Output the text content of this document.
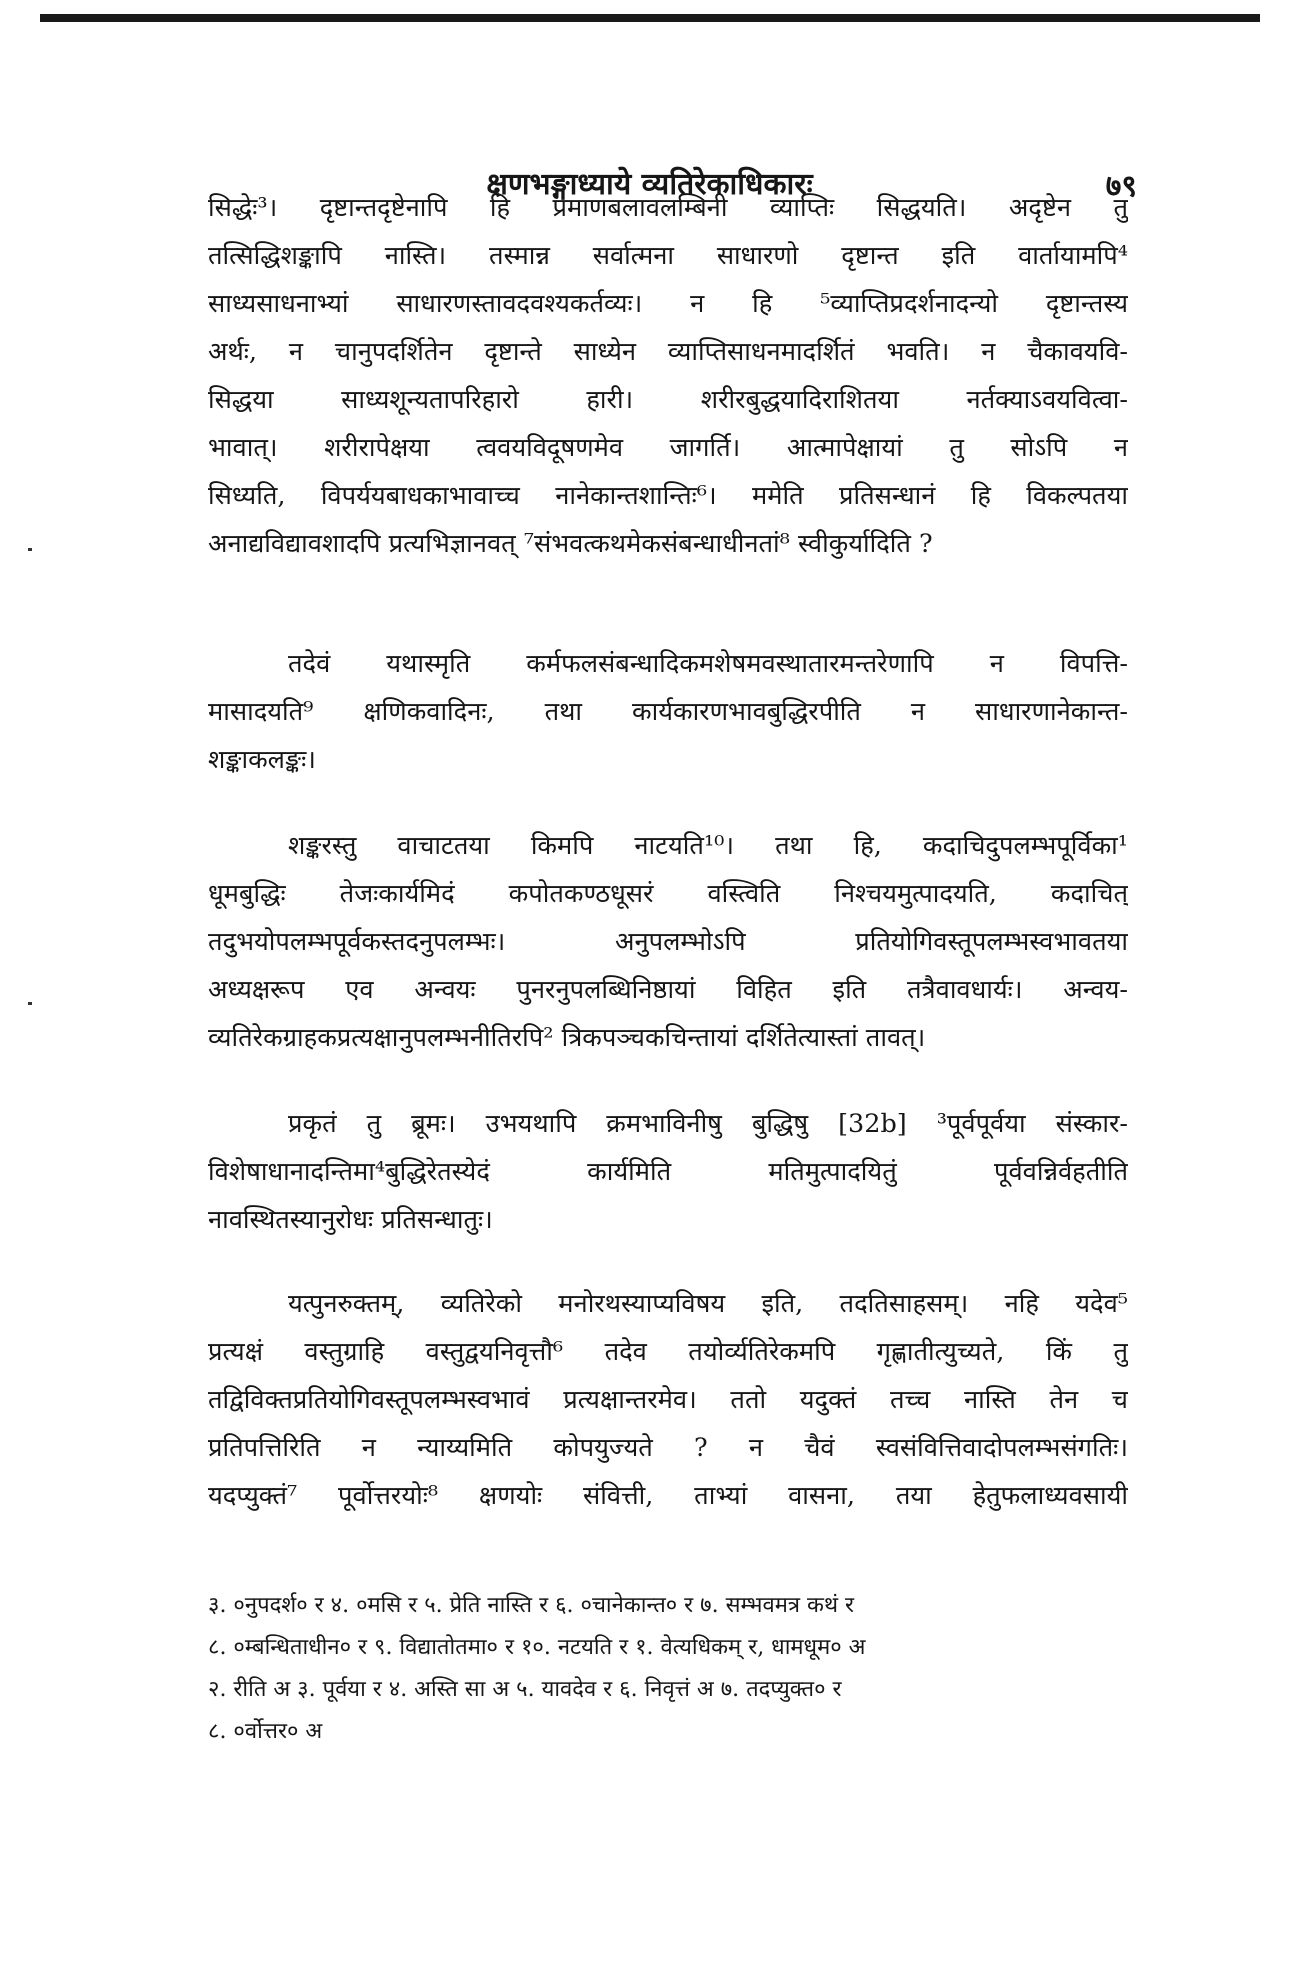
क्षणभङ्गाध्याये व्यतिरेकाधिकारः	७९
सिद्धेः³। दृष्टान्तदृष्टेनापि हि प्रमाणबलावलम्बिनी व्याप्तिः सिद्धयति। अदृष्टेन तु
तत्सिद्धिशङ्कापि नास्ति। तस्मान्न सर्वात्मना साधारणो दृष्टान्त इति वार्तायामपि⁴
साध्यसाधनाभ्यां साधारणस्तावदवश्यकर्तव्यः। न हि ⁵व्याप्तिप्रदर्शनादन्यो दृष्टान्तस्य
अर्थः, न चानुपदर्शितेन दृष्टान्ते साध्येन व्याप्तिसाधनमादर्शितं भवति। न चैकावयवि-
सिद्धया साध्यशून्यतापरिहारो हारी। शरीरबुद्धयादिराशितया नर्तक्याऽवयवित्वा-
भावात्। शरीरापेक्षया त्ववयविदूषणमेव जागर्ति। आत्मापेक्षायां तु सोऽपि न
सिध्यति, विपर्ययबाधकाभावाच्च नानेकान्तशान्तिः⁶। ममेति प्रतिसन्धानं हि विकल्पतया
अनाद्यविद्यावशादपि प्रत्यभिज्ञानवत् ⁷संभवत्कथमेकसंबन्धाधीनतां⁸ स्वीकुर्यादिति ?
तदेवं यथास्मृति कर्मफलसंबन्धादिकमशेषमवस्थातारमन्तरेणापि न विपत्ति-
मासादयति⁹ क्षणिकवादिनः, तथा कार्यकारणभावबुद्धिरपीति न साधारणानेकान्त-
शङ्काकलङ्कः।
शङ्करस्तु वाचाटतया किमपि नाटयति¹⁰। तथा हि, कदाचिदुपलम्भपूर्विका¹
धूमबुद्धिः तेजःकार्यमिदं कपोतकण्ठधूसरं वस्त्विति निश्चयमुत्पादयति, कदाचित्
तदुभयोपलम्भपूर्वकस्तदनुपलम्भः। अनुपलम्भोऽपि प्रतियोगिवस्तूपलम्भस्वभावतया
अध्यक्षरूप एव अन्वयः पुनरनुपलब्धिनिष्ठायां विहित इति तत्रैवावधार्यः। अन्वय-
व्यतिरेकग्राहकप्रत्यक्षानुपलम्भनीतिरपि² त्रिकपञ्चकचिन्तायां दर्शितेत्यास्तां तावत्।
प्रकृतं तु ब्रूमः। उभयथापि क्रमभाविनीषु बुद्धिषु [32b] ³पूर्वपूर्वया संस्कार-
विशेषाधानादन्तिमा⁴बुद्धिरेतस्येदं कार्यमिति मतिमुत्पादयितुं पूर्ववन्निर्वहतीति
नावस्थितस्यानुरोधः प्रतिसन्धातुः।
यत्पुनरुक्तम्, व्यतिरेको मनोरथस्याप्यविषय इति, तदतिसाहसम्। नहि यदेव⁵
प्रत्यक्षं वस्तुग्राहि वस्तुद्वयनिवृत्तौ⁶ तदेव तयोर्व्यतिरेकमपि गृह्णातीत्युच्यते, किं तु
तद्विविक्तप्रतियोगिवस्तूपलम्भस्वभावं प्रत्यक्षान्तरमेव। ततो यदुक्तं तच्च नास्ति तेन च
प्रतिपत्तिरिति न न्याय्यमिति कोपयुज्यते ? न चैवं स्वसंवित्तिवादोपलम्भसंगतिः।
यदप्युक्तं⁷ पूर्वोत्तरयोः⁸ क्षणयोः संवित्ती, ताभ्यां वासना, तया हेतुफलाध्यवसायी
३. ०नुपदर्श० र ४. ०मसि र ५. प्रेति नास्ति र ६. ०चानेकान्त० र ७. सम्भवमत्र कथं र
८. ०म्बन्धिताधीन० र ९. विद्यातोतमा० र १०. नटयति र १. वेत्यधिकम् र, धामधूम० अ
२. रीति अ ३. पूर्वया र ४. अस्ति सा अ ५. यावदेव र ६. निवृत्तं अ ७. तदप्युक्त० र
८. ०र्वोत्तर० अ
